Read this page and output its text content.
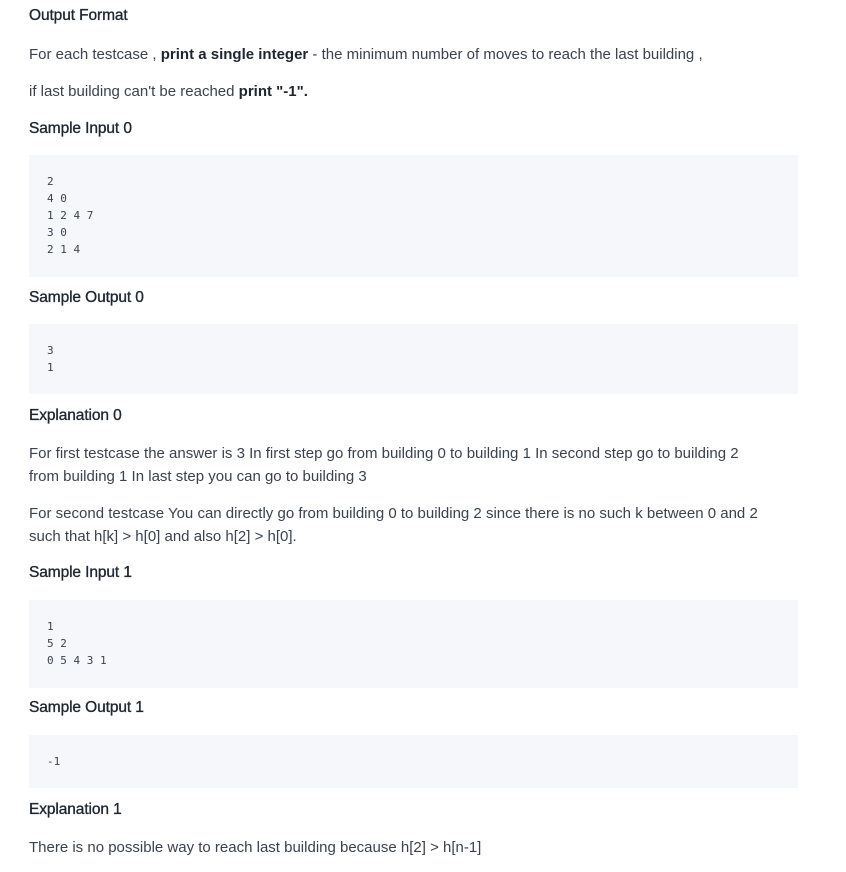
Output Format

For each testcase , print a single integer - the minimum number of moves to reach the last building ,

if last building can't be reached print "-1".

Sample Input 0
2
4 0
1 2 4 7
3 0
2 1 4
Sample Output 0
3
1
Explanation 0

For first testcase the answer is 3 In first step go from building 0 to building 1 In second step go to building 2

from building 1 In last step you can go to building 3

For second testcase You can directly go from building 0 to building 2 since there is no such k between 0 and 2

such that h[k] > h[0] and also h[2] > h[0].

Sample Input 1
1
5 2
0 5 4 3 1
Sample Output 1
-1
Explanation 1

There is no possible way to reach last building because h[2] > h[n-1]
